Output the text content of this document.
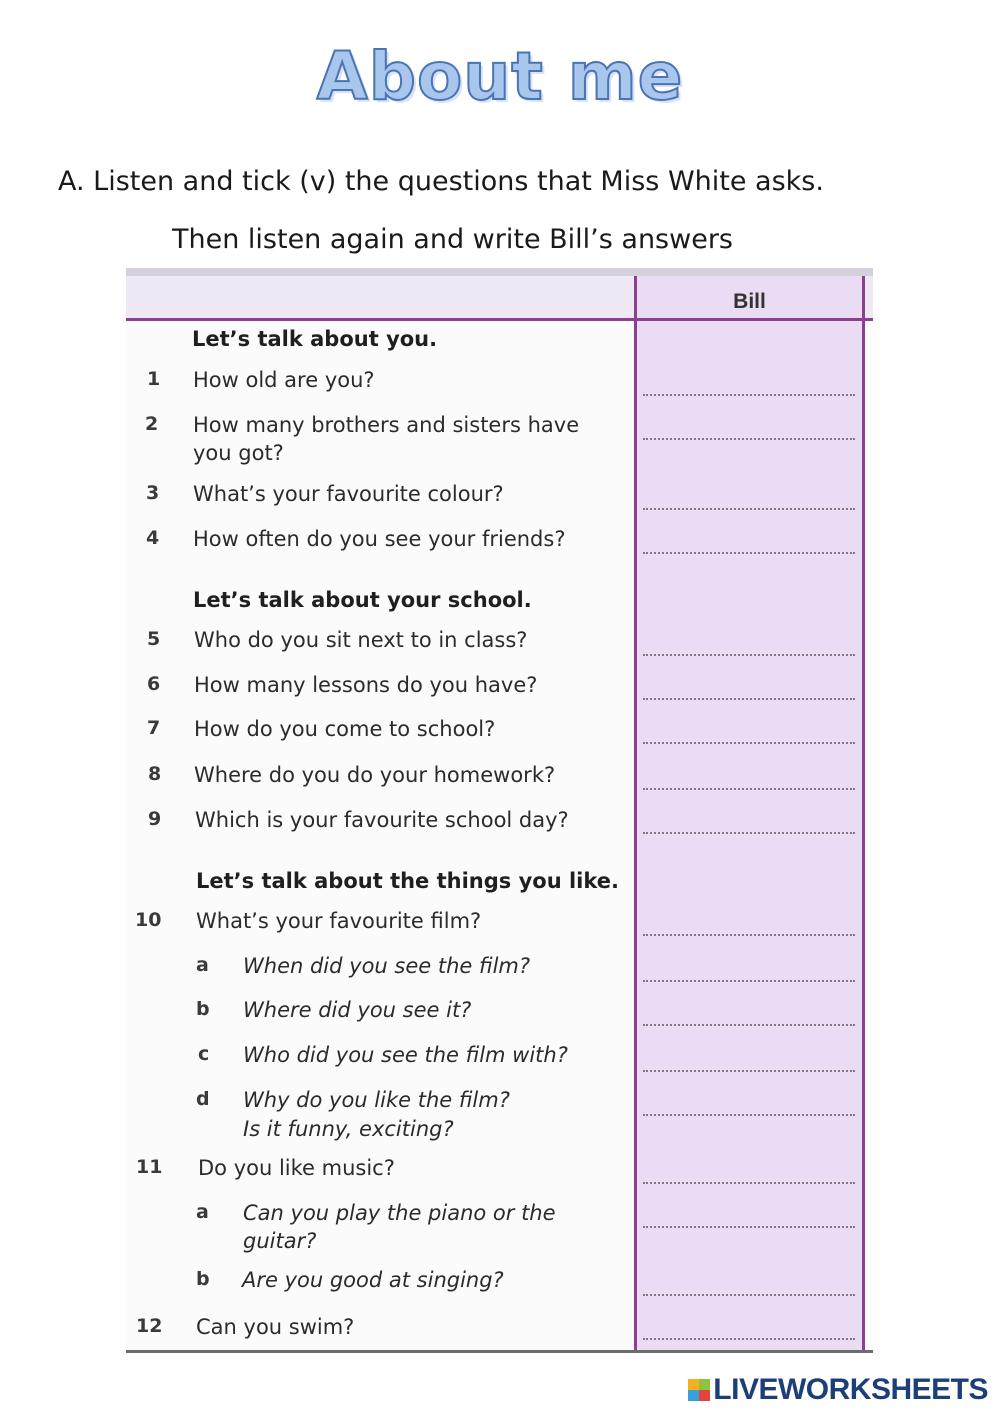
About me
A. Listen and tick (v) the questions that Miss White asks.
Then listen again and write Bill’s answers
Bill
Let’s talk about you.
1 How old are you?
2 How many brothers and sisters have
you got?
3 What’s your favourite colour?
4 How often do you see your friends?
Let’s talk about your school.
5 Who do you sit next to in class?
6 How many lessons do you have?
7 How do you come to school?
8 Where do you do your homework?
9 Which is your favourite school day?
Let’s talk about the things you like.
10 What’s your favourite film?
a When did you see the film?
b Where did you see it?
c Who did you see the film with?
d Why do you like the film?
Is it funny, exciting?
11 Do you like music?
a Can you play the piano or the
guitar?
b Are you good at singing?
12 Can you swim?
LIVEWORKSHEETS
